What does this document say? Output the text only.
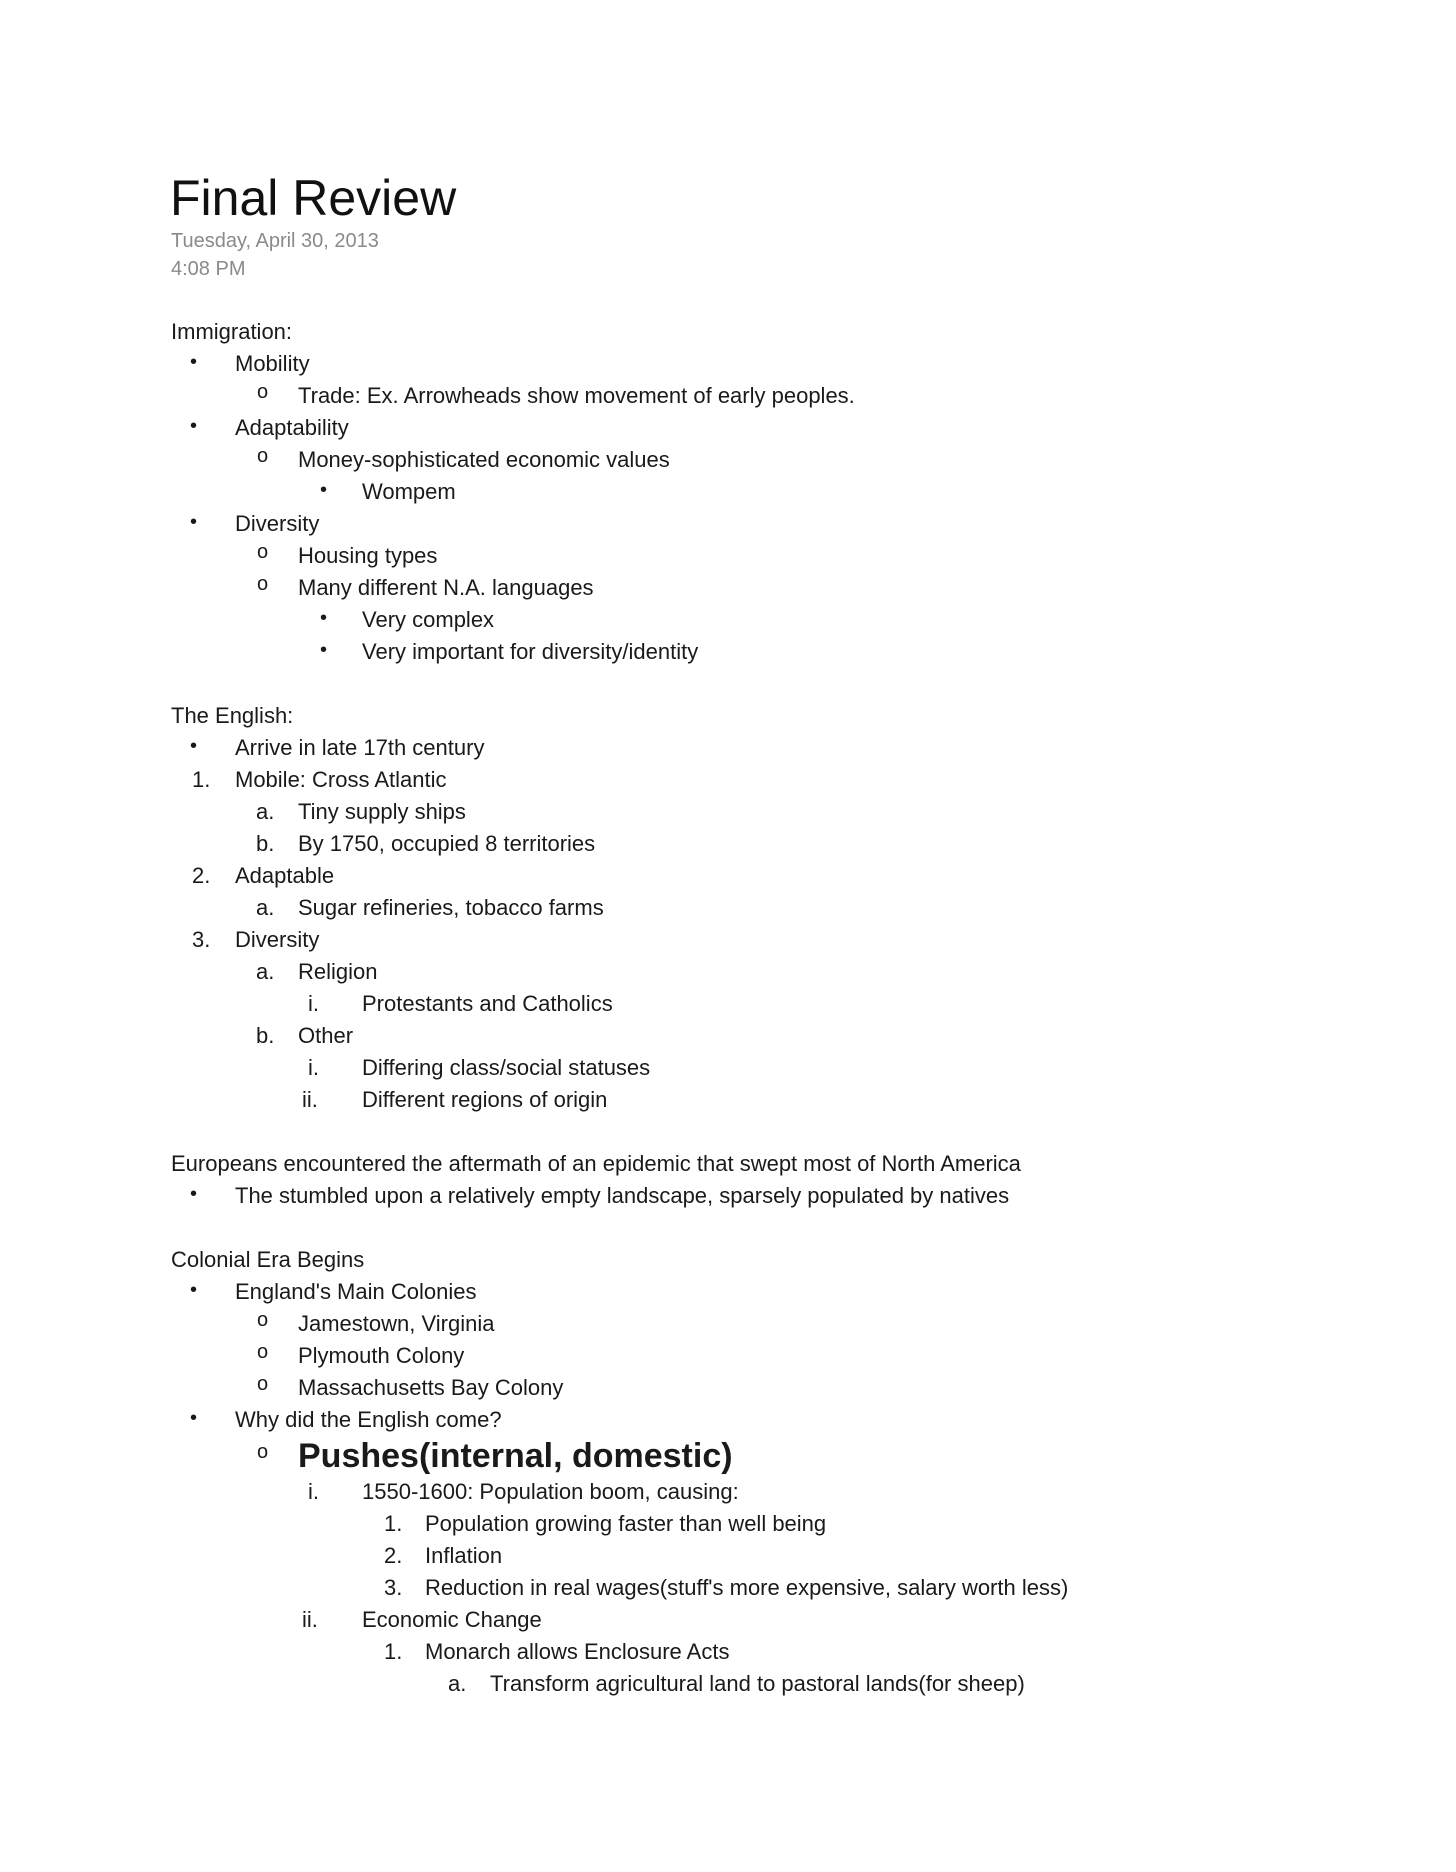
Final Review
Tuesday, April 30, 2013
4:08 PM
Immigration:
• Mobility
o Trade: Ex. Arrowheads show movement of early peoples.
• Adaptability
o Money-sophisticated economic values
• Wompem
• Diversity
o Housing types
o Many different N.A. languages
• Very complex
• Very important for diversity/identity
The English:
• Arrive in late 17th century
1. Mobile: Cross Atlantic
a. Tiny supply ships
b. By 1750, occupied 8 territories
2. Adaptable
a. Sugar refineries, tobacco farms
3. Diversity
a. Religion
i. Protestants and Catholics
b. Other
i. Differing class/social statuses
ii. Different regions of origin
Europeans encountered the aftermath of an epidemic that swept most of North America
• The stumbled upon a relatively empty landscape, sparsely populated by natives
Colonial Era Begins
• England's Main Colonies
o Jamestown, Virginia
o Plymouth Colony
o Massachusetts Bay Colony
• Why did the English come?
o Pushes(internal, domestic)
i. 1550-1600: Population boom, causing:
1. Population growing faster than well being
2. Inflation
3. Reduction in real wages(stuff's more expensive, salary worth less)
ii. Economic Change
1. Monarch allows Enclosure Acts
a. Transform agricultural land to pastoral lands(for sheep)
